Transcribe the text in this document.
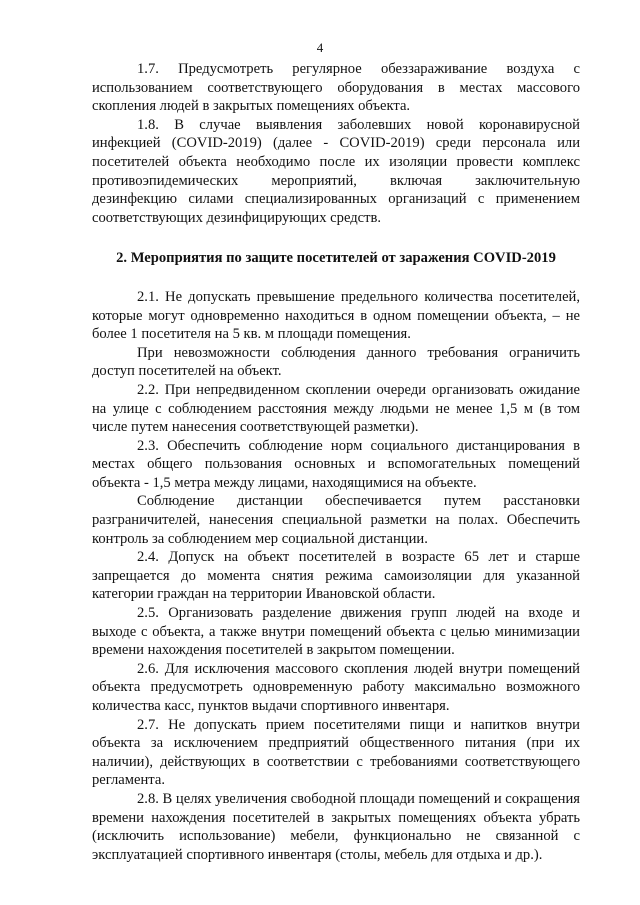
4

1.7. Предусмотреть регулярное обеззараживание воздуха с использованием соответствующего оборудования в местах массового скопления людей в закрытых помещениях объекта.

1.8. В случае выявления заболевших новой коронавирусной инфекцией (COVID-2019) (далее - COVID-2019) среди персонала или посетителей объекта необходимо после их изоляции провести комплекс противоэпидемических мероприятий, включая заключительную дезинфекцию силами специализированных организаций с применением соответствующих дезинфицирующих средств.

2. Мероприятия по защите посетителей от заражения COVID-2019

2.1. Не допускать превышение предельного количества посетителей, которые могут одновременно находиться в одном помещении объекта, – не более 1 посетителя на 5 кв. м площади помещения.

При невозможности соблюдения данного требования ограничить доступ посетителей на объект.

2.2. При непредвиденном скоплении очереди организовать ожидание на улице с соблюдением расстояния между людьми не менее 1,5 м (в том числе путем нанесения соответствующей разметки).

2.3. Обеспечить соблюдение норм социального дистанцирования в местах общего пользования основных и вспомогательных помещений объекта - 1,5 метра между лицами, находящимися на объекте.

Соблюдение дистанции обеспечивается путем расстановки разграничителей, нанесения специальной разметки на полах. Обеспечить контроль за соблюдением мер социальной дистанции.

2.4. Допуск на объект посетителей в возрасте 65 лет и старше запрещается до момента снятия режима самоизоляции для указанной категории граждан на территории Ивановской области.

2.5. Организовать разделение движения групп людей на входе и выходе с объекта, а также внутри помещений объекта с целью минимизации времени нахождения посетителей в закрытом помещении.

2.6. Для исключения массового скопления людей внутри помещений объекта предусмотреть одновременную работу максимально возможного количества касс, пунктов выдачи спортивного инвентаря.

2.7. Не допускать прием посетителями пищи и напитков внутри объекта за исключением предприятий общественного питания (при их наличии), действующих в соответствии с требованиями соответствующего регламента.

2.8. В целях увеличения свободной площади помещений и сокращения времени нахождения посетителей в закрытых помещениях объекта убрать (исключить использование) мебели, функционально не связанной с эксплуатацией спортивного инвентаря (столы, мебель для отдыха и др.).
